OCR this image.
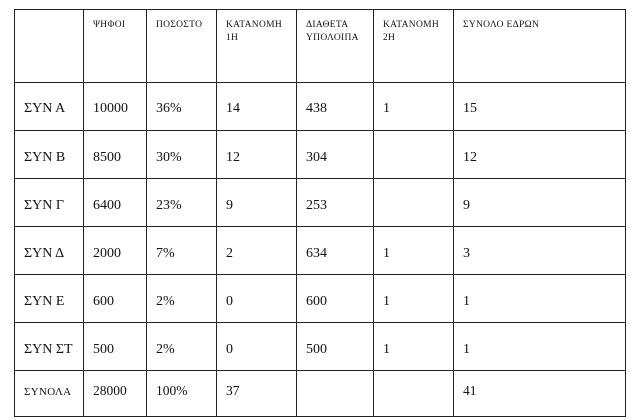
	ΨΗΦΟΙ	ΠΟΣΟΣΤΟ	ΚΑΤΑΝΟΜΗ 1Η	ΔΙΑΘΕΤΑ ΥΠΟΛΟΙΠΑ	ΚΑΤΑΝΟΜΗ 2Η	ΣΥΝΟΛΟ ΕΔΡΩΝ
ΣΥΝ Α	10000	36%	14	438	1	15
ΣΥΝ Β	8500	30%	12	304		12
ΣΥΝ Γ	6400	23%	9	253		9
ΣΥΝ Δ	2000	7%	2	634	1	3
ΣΥΝ Ε	600	2%	0	600	1	1
ΣΥΝ ΣΤ	500	2%	0	500	1	1
ΣΥΝΟΛΑ	28000	100%	37			41
